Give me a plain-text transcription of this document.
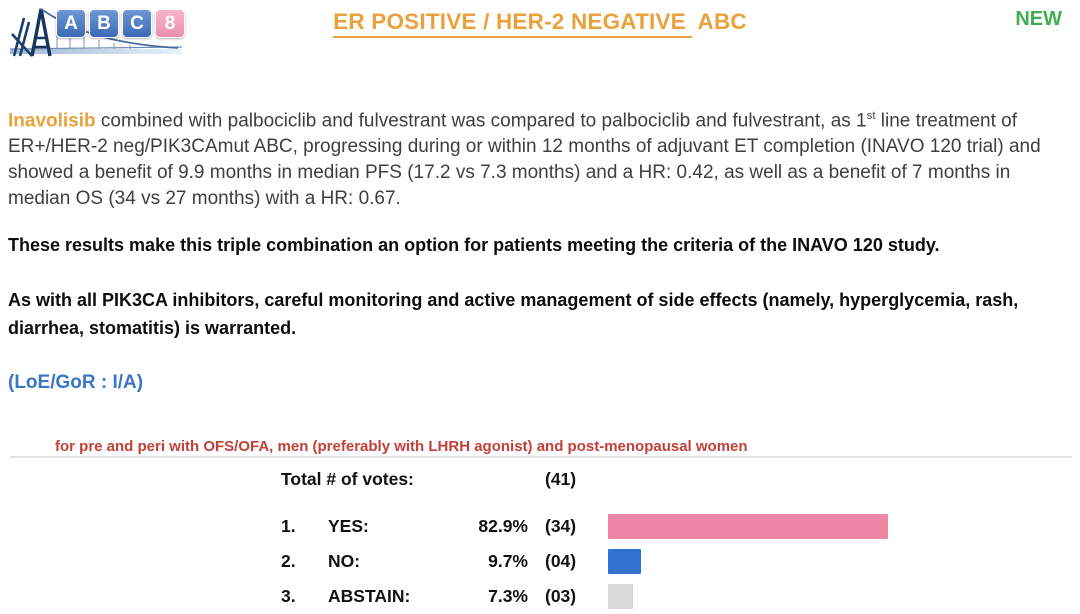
A	B	C	8	ER POSITIVE / HER-2 NEGATIVE ABC	NEW
Inavolisib combined with palbociclib and fulvestrant was compared to palbociclib and fulvestrant, as 1st line treatment of ER+/HER-2 neg/PIK3CAmut ABC, progressing during or within 12 months of adjuvant ET completion (INAVO 120 trial) and showed a benefit of 9.9 months in median PFS (17.2 vs 7.3 months) and a HR: 0.42, as well as a benefit of 7 months in median OS (34 vs 27 months) with a HR: 0.67.
These results make this triple combination an option for patients meeting the criteria of the INAVO 120 study.
As with all PIK3CA inhibitors, careful monitoring and active management of side effects (namely, hyperglycemia, rash, diarrhea, stomatitis) is warranted.
(LoE/GoR : I/A)
for pre and peri with OFS/OFA, men (preferably with LHRH agonist) and post-menopausal women
Total # of votes:	(41)
1.	YES:	82.9% (34)
2.	NO:	9.7% (04)
3.	ABSTAIN:	7.3% (03)
